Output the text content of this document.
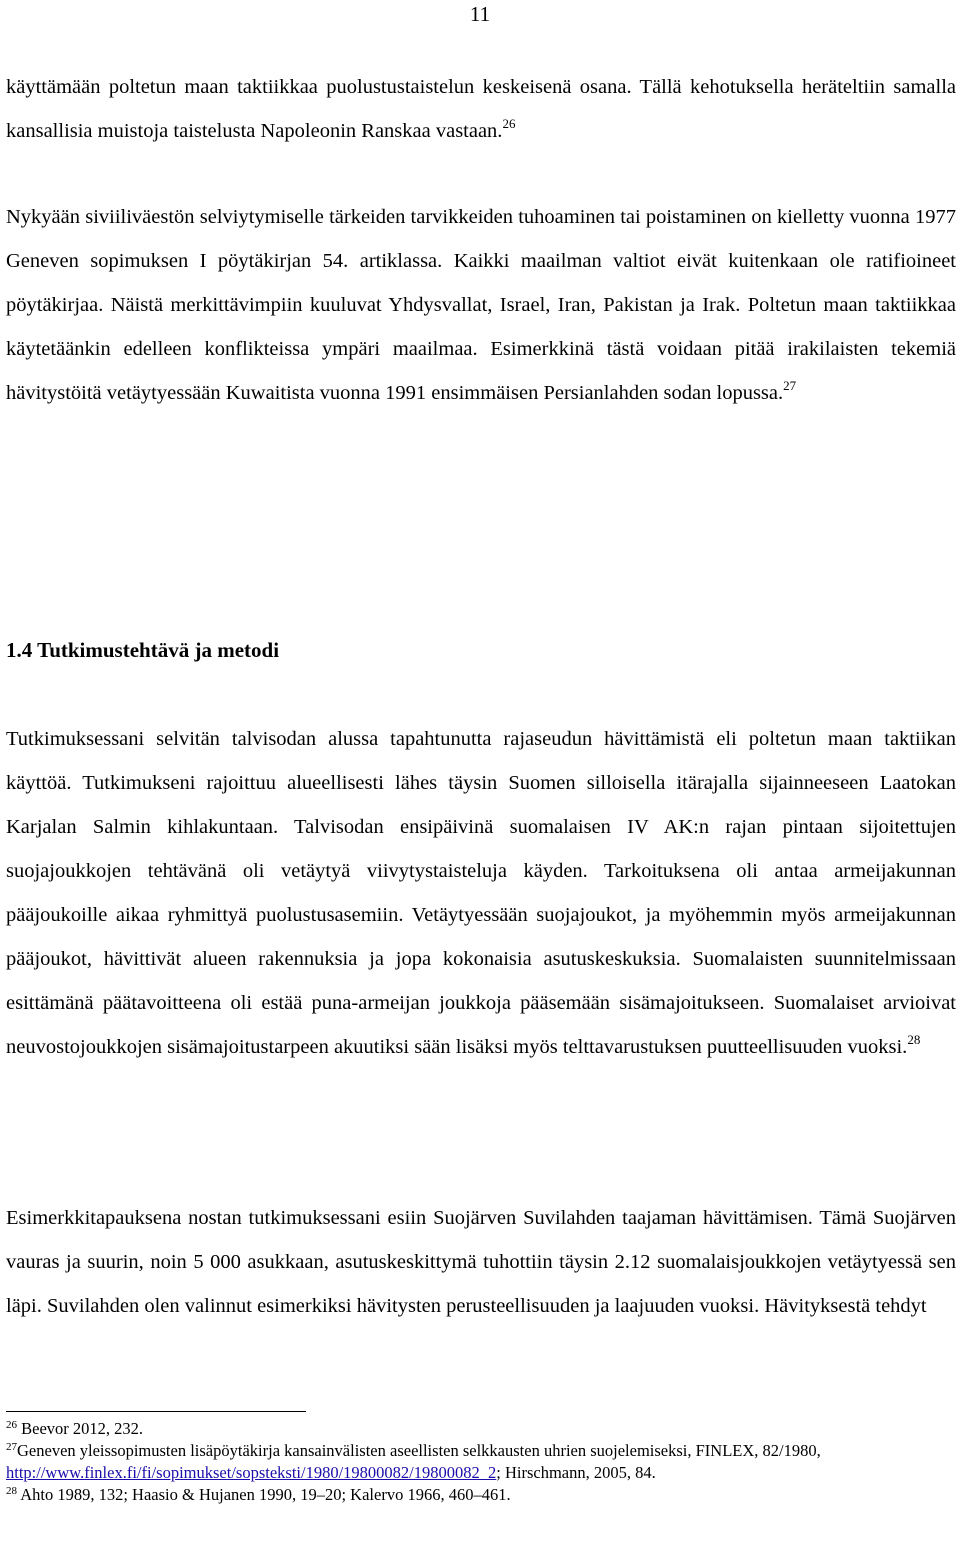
11

käyttämään poltetun maan taktiikkaa puolustustaistelun keskeisenä osana. Tällä kehotuksella heräteltiin samalla kansallisia muistoja taistelusta Napoleonin Ranskaa vastaan.$^{26}$

Nykyään siviiliväestön selviytymiselle tärkeiden tarvikkeiden tuhoaminen tai poistaminen on kielletty vuonna 1977 Geneven sopimuksen I pöytäkirjan 54. artiklassa. Kaikki maailman valtiot eivät kuitenkaan ole ratifioineet pöytäkirjaa. Näistä merkittävimpiin kuuluvat Yhdysvallat, Israel, Iran, Pakistan ja Irak. Poltetun maan taktiikkaa käytetäänkin edelleen konflikteissa ympäri maailmaa. Esimerkkinä tästä voidaan pitää irakilaisten tekemiä hävitystöitä vetäytyessään Kuwaitista vuonna 1991 ensimmäisen Persianlahden sodan lopussa.$^{27}$

1.4 Tutkimustehtävä ja metodi

Tutkimuksessani selvitän talvisodan alussa tapahtunutta rajaseudun hävittämistä eli poltetun maan taktiikan käyttöä. Tutkimukseni rajoittuu alueellisesti lähes täysin Suomen silloisella itärajalla sijainneeseen Laatokan Karjalan Salmin kihlakuntaan. Talvisodan ensipäivinä suomalaisen IV AK:n rajan pintaan sijoitettujen suojajoukkojen tehtävänä oli vetäytyä viivytystaisteluja käyden. Tarkoituksena oli antaa armeijakunnan pääjoukoille aikaa ryhmittyä puolustusasemiin. Vetäytyessään suojajoukot, ja myöhemmin myös armeijakunnan pääjoukot, hävittivät alueen rakennuksia ja jopa kokonaisia asutuskeskuksia. Suomalaisten suunnitelmissaan esittämänä päätavoitteena oli estää puna-armeijan joukkoja pääsemään sisämajoitukseen. Suomalaiset arvioivat neuvostojoukkojen sisämajoitustarpeen akuutiksi sään lisäksi myös telttavarustuksen puutteellisuuden vuoksi.$^{28}$

Esimerkkitapauksena nostan tutkimuksessani esiin Suojärven Suvilahden taajaman hävittämisen. Tämä Suojärven vauras ja suurin, noin 5 000 asukkaan, asutuskeskittymä tuhottiin täysin 2.12 suomalaisjoukkojen vetäytyessä sen läpi. Suvilahden olen valinnut esimerkiksi hävitysten perusteellisuuden ja laajuuden vuoksi. Hävityksestä tehdyt

$^{26}$ Beevor 2012, 232.

$^{27}$Geneven yleissopimusten lisäpöytäkirja kansainvälisten aseellisten selkkausten uhrien suojelemiseksi, FINLEX, 82/1980, http://www.finlex.fi/fi/sopimukset/sopsteksti/1980/19800082/19800082_2; Hirschmann, 2005, 84.

$^{28}$ Ahto 1989, 132; Haasio & Hujanen 1990, 19–20; Kalervo 1966, 460–461.
